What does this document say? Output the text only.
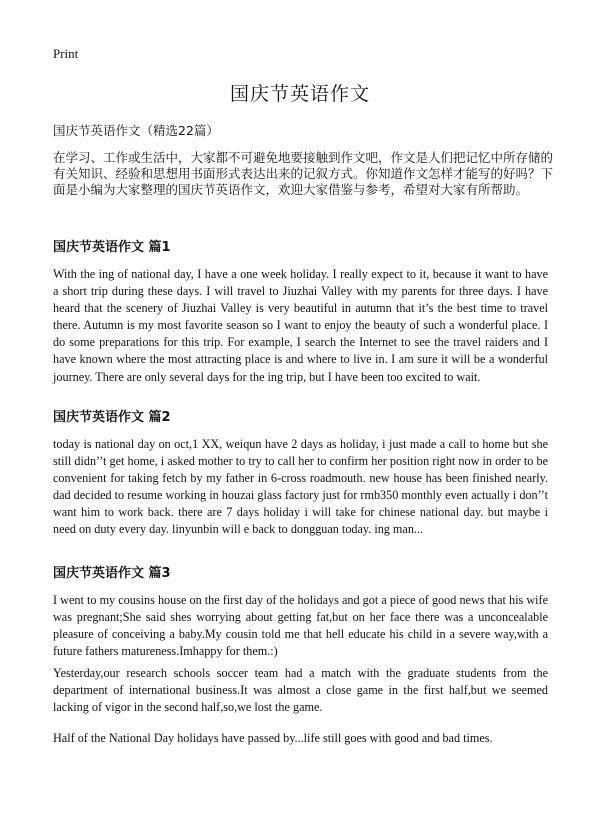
Print
国庆节英语作文

国庆节英语作文（精选22篇）

在学习、工作或生活中，大家都不可避免地要接触到作文吧，作文是人们把记忆中所存储的有关知识、经验和思想用书面形式表达出来的记叙方式。你知道作文怎样才能写的好吗？下面是小编为大家整理的国庆节英语作文，欢迎大家借鉴与参考，希望对大家有所帮助。

国庆节英语作文 篇1

With the ing of national day, I have a one week holiday. I really expect to it, because it want to have a short trip during these days. I will travel to Jiuzhai Valley with my parents for three days. I have heard that the scenery of Jiuzhai Valley is very beautiful in autumn that it’s the best time to travel there. Autumn is my most favorite season so I want to enjoy the beauty of such a wonderful place. I do some preparations for this trip. For example, I search the Internet to see the travel raiders and I have known where the most attracting place is and where to live in. I am sure it will be a wonderful journey. There are only several days for the ing trip, but I have been too excited to wait.

国庆节英语作文 篇2

today is national day on oct,1 XX, weiqun have 2 days as holiday, i just made a call to home but she still didn’’t get home, i asked mother to try to call her to confirm her position right now in order to be convenient for taking fetch by my father in 6-cross roadmouth. new house has been finished nearly. dad decided to resume working in houzai glass factory just for rmb350 monthly even actually i don’’t want him to work back. there are 7 days holiday i will take for chinese national day. but maybe i need on duty every day. linyunbin will e back to dongguan today. ing man...

国庆节英语作文 篇3

I went to my cousins house on the first day of the holidays and got a piece of good news that his wife was pregnant;She said shes worrying about getting fat,but on her face there was a unconcealable pleasure of conceiving a baby.My cousin told me that hell educate his child in a severe way,with a future fathers matureness.Imhappy for them.:)

Yesterday,our research schools soccer team had a match with the graduate students from the department of international business.It was almost a close game in the first half,but we seemed lacking of vigor in the second half,so,we lost the game.

Half of the National Day holidays have passed by...life still goes with good and bad times.
